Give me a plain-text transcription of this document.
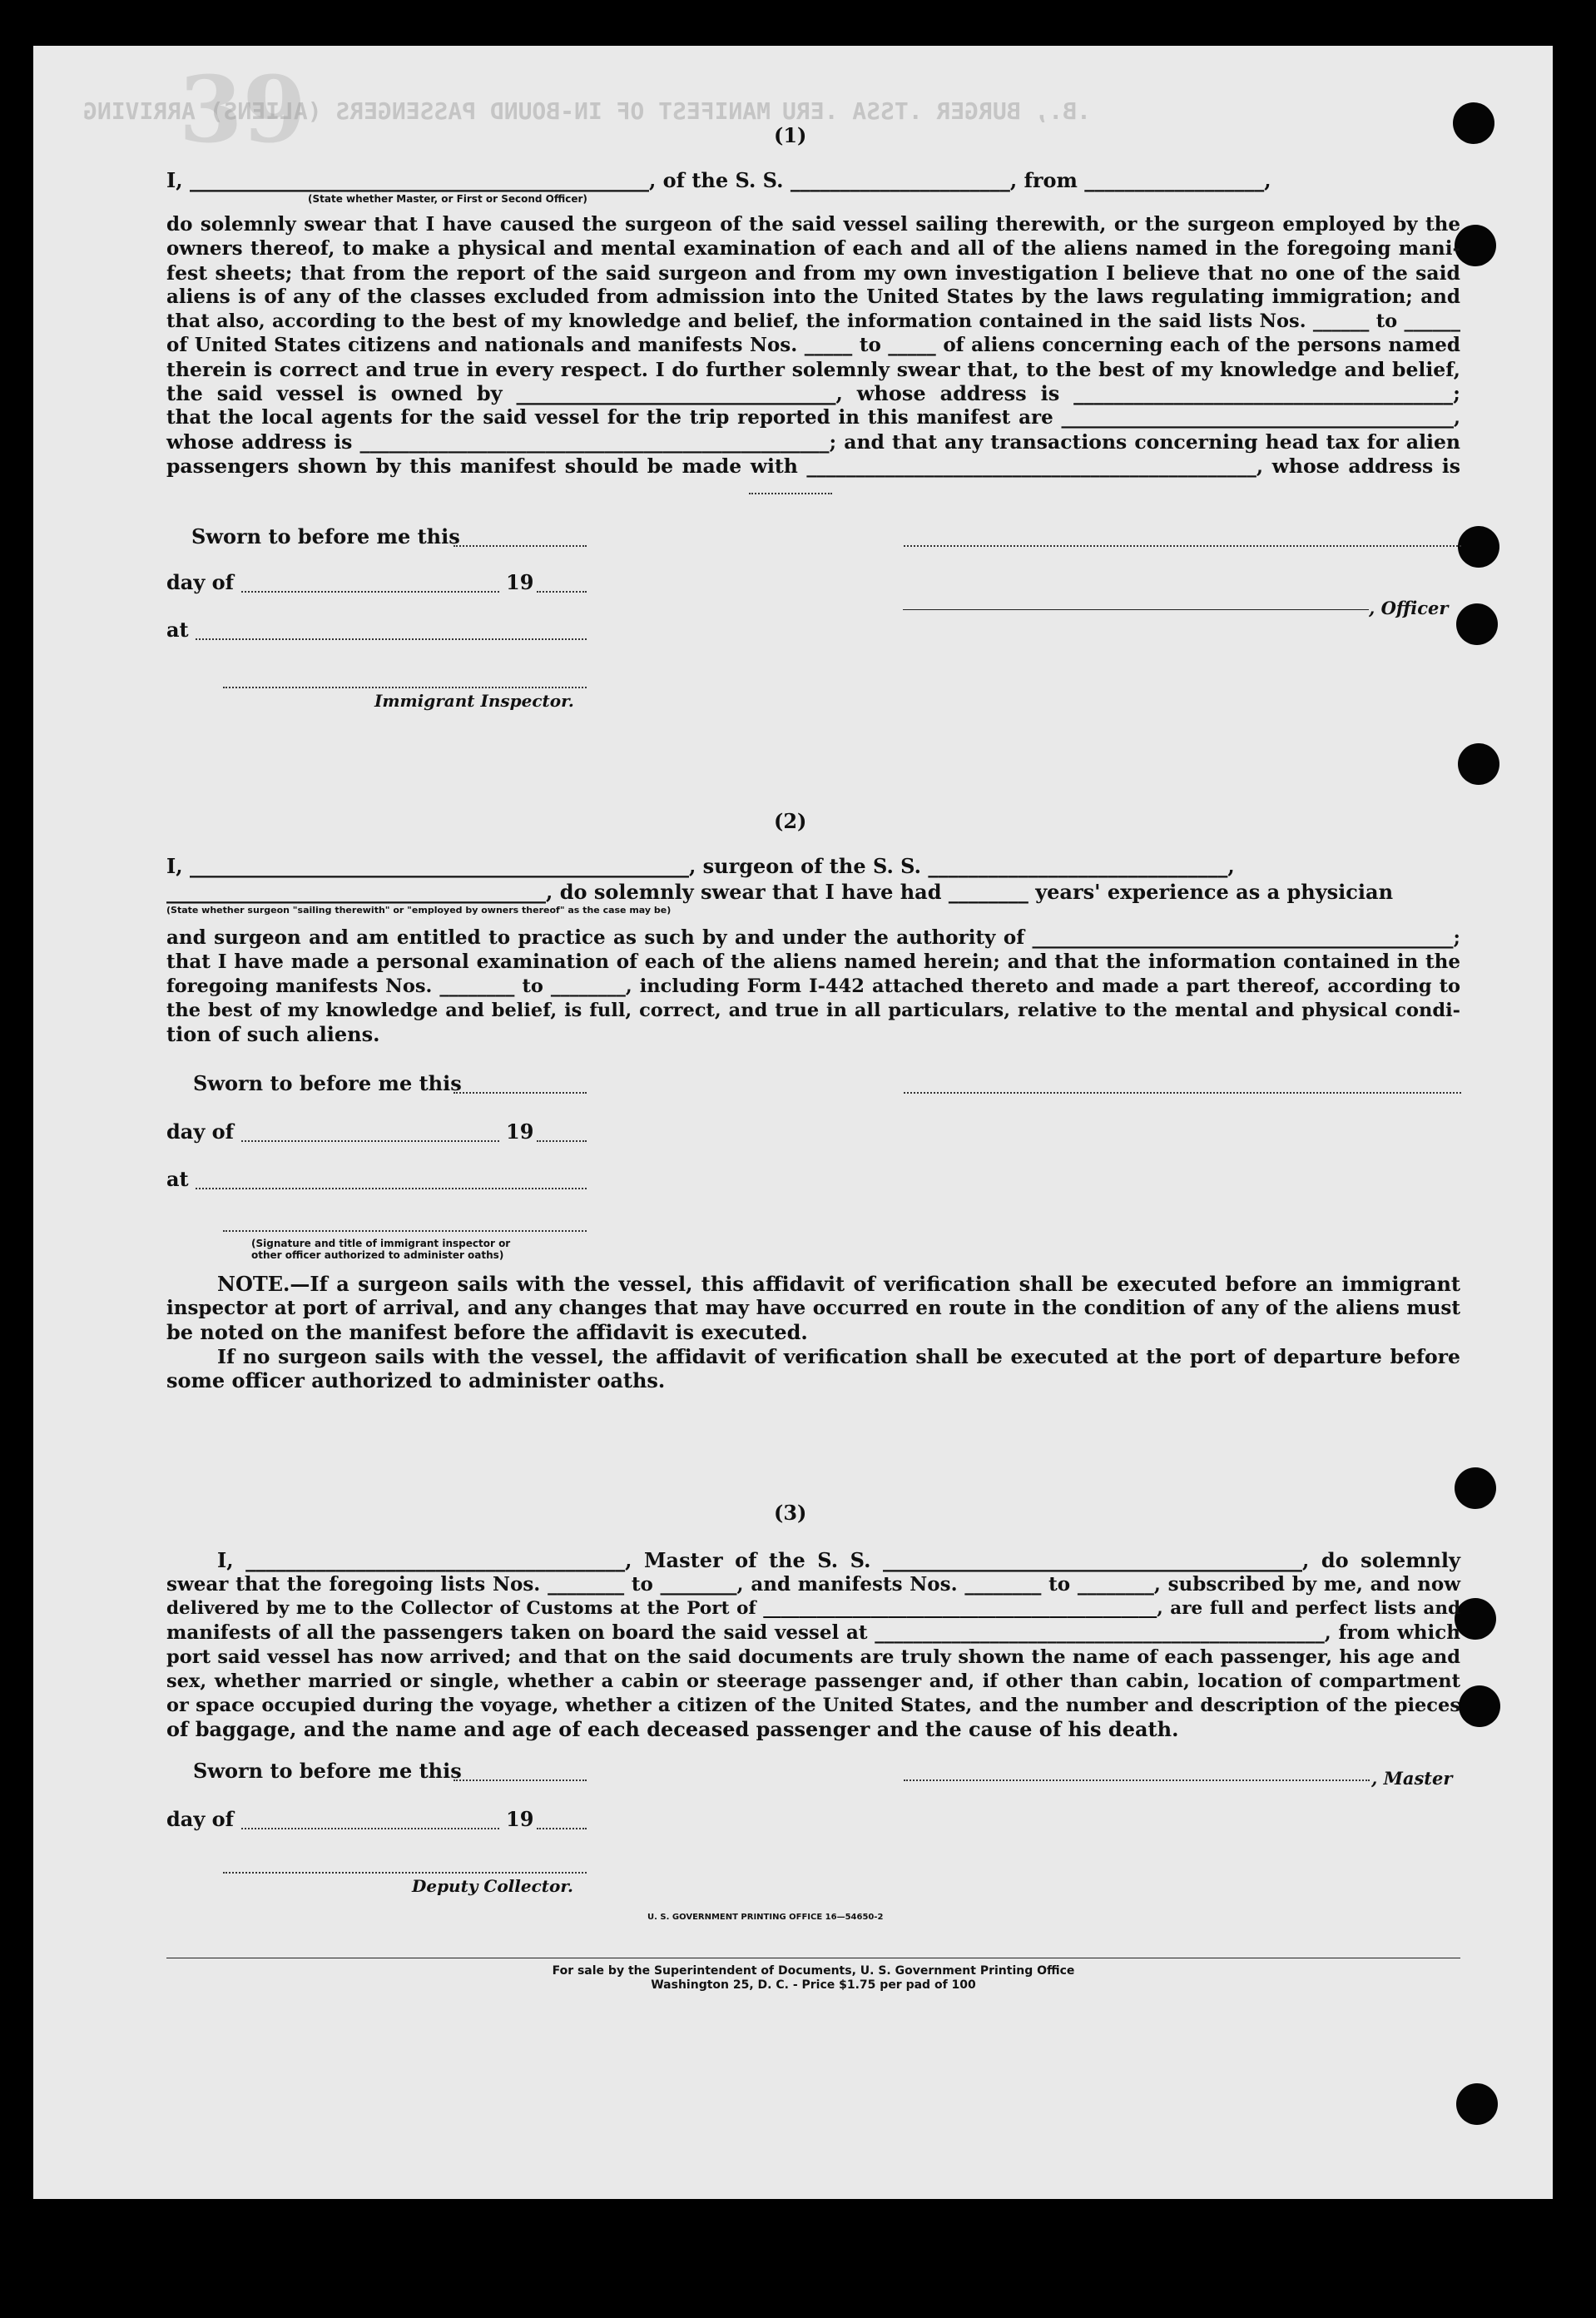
39
MANIFEST OF IN-BOUND PASSENGERS (ALIENS) ARRIVING .B., BURGER .TSSA .ERU
(1)
I, ______________________________________________, of the S. S. ______________________, from __________________,
(State whether Master, or First or Second Officer)
do solemnly swear that I have caused the surgeon of the said vessel sailing therewith, or the surgeon employed by the
owners thereof, to make a physical and mental examination of each and all of the aliens named in the foregoing mani-
fest sheets; that from the report of the said surgeon and from my own investigation I believe that no one of the said
aliens is of any of the classes excluded from admission into the United States by the laws regulating immigration; and
that also, according to the best of my knowledge and belief, the information contained in the said lists Nos. ______ to ______
of United States citizens and nationals and manifests Nos. _____ to _____ of aliens concerning each of the persons named
therein is correct and true in every respect. I do further solemnly swear that, to the best of my knowledge and belief,
the said vessel is owned by ________________________________, whose address is ______________________________________;
that the local agents for the said vessel for the trip reported in this manifest are _________________________________________,
whose address is ________________________________________________; and that any transactions concerning head tax for alien
passengers shown by this manifest should be made with ______________________________________________, whose address is
Sworn to before me this
day of	19
, Officer
at
Immigrant Inspector.
(2)
I, __________________________________________________, surgeon of the S. S. ______________________________,
______________________________________, do solemnly swear that I have had ________ years' experience as a physician
(State whether surgeon "sailing therewith" or "employed by owners thereof" as the case may be)
and surgeon and am entitled to practice as such by and under the authority of ____________________________________________;
that I have made a personal examination of each of the aliens named herein; and that the information contained in the
foregoing manifests Nos. ________ to ________, including Form I-442 attached thereto and made a part thereof, according to
the best of my knowledge and belief, is full, correct, and true in all particulars, relative to the mental and physical condi-
tion of such aliens.
Sworn to before me this
day of	19
at
(Signature and title of immigrant inspector or
other officer authorized to administer oaths)
NOTE.—If a surgeon sails with the vessel, this affidavit of verification shall be executed before an immigrant
inspector at port of arrival, and any changes that may have occurred en route in the condition of any of the aliens must
be noted on the manifest before the affidavit is executed.
If no surgeon sails with the vessel, the affidavit of verification shall be executed at the port of departure before
some officer authorized to administer oaths.
(3)
I, ______________________________________, Master of the S. S. __________________________________________, do solemnly
swear that the foregoing lists Nos. ________ to ________, and manifests Nos. ________ to ________, subscribed by me, and now
delivered by me to the Collector of Customs at the Port of ____________________________________________, are full and perfect lists and
manifests of all the passengers taken on board the said vessel at _______________________________________________, from which
port said vessel has now arrived; and that on the said documents are truly shown the name of each passenger, his age and
sex, whether married or single, whether a cabin or steerage passenger and, if other than cabin, location of compartment
or space occupied during the voyage, whether a citizen of the United States, and the number and description of the pieces
of baggage, and the name and age of each deceased passenger and the cause of his death.
Sworn to before me this	, Master
day of	19
Deputy Collector.
U. S. GOVERNMENT PRINTING OFFICE 16—54650-2
For sale by the Superintendent of Documents, U. S. Government Printing Office
Washington 25, D. C. - Price $1.75 per pad of 100
